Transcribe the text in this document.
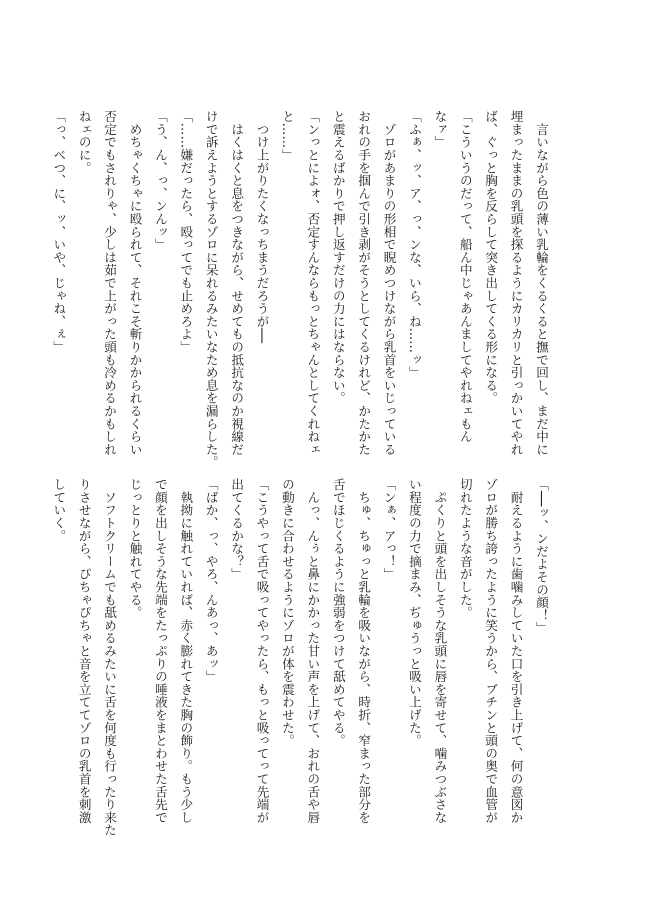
　言いながら色の薄い乳輪をくるくると撫で回し、まだ中に
埋まったままの乳頭を探るようにカリカリと引っかいてやれ
ば、ぐっと胸を反らして突き出してくる形になる。
「こういうのだって、船ん中じゃあんましてやれねェもん
なァ」
「ふぁ、ッ、ア、っ、ンな、いら、ね……ッ」
　ゾロがあまりの形相で睨めつけながら乳首をいじっている
おれの手を掴んで引き剥がそうとしてくるけれど、かたかた
と震えるばかりで押し返すだけの力にはならない。
「ンっとによォ、否定すんならもっとちゃんとしてくれねェ
と……」
　つけ上がりたくなっちまうだろうが──
　はくはくと息をつきながら、せめてもの抵抗なのか視線だ
けで訴えようとするゾロに呆れるみたいなため息を漏らした。
「……嫌だったら、殴ってでも止めろよ」
「う、ん、っ、ンんッ」
　めちゃくちゃに殴られて、それこそ斬りかかられるくらい
否定でもされりゃ、少しは茹で上がった頭も冷めるかもしれ
ねェのに。
「っ、べつ、に、ッ、いや、じゃね、ぇ」
「──ッ、ンだよその顔！」
　耐えるように歯噛みしていた口を引き上げて、何の意図か
ゾロが勝ち誇ったように笑うから、ブチンと頭の奥で血管が
切れたような音がした。
　ぷくりと頭を出しそうな乳頭に唇を寄せて、噛みつぶさな
い程度の力で摘まみ、ぢゅうっと吸い上げた。
「ンぁ、アっ！」
　ちゅ、ちゅっと乳輪を吸いながら、時折、窄まった部分を
舌でほじくるように強弱をつけて舐めてやる。
　んっ、んぅと鼻にかかった甘い声を上げて、おれの舌や唇
の動きに合わせるようにゾロが体を震わせた。
「こうやって舌で吸ってやったら、もっと吸ってって先端が
出てくるかな？」
「ばか、っ、やろ、んあっ、あッ」
　執拗に触れていれば、赤く膨れてきた胸の飾り。もう少し
で顔を出しそうな先端をたっぷりの唾液をまとわせた舌先で
じっとりと触れてやる。
　ソフトクリームでも舐めるみたいに舌を何度も行ったり来た
りさせながら、ぴちゃぴちゃと音を立ててゾロの乳首を刺激
していく。
